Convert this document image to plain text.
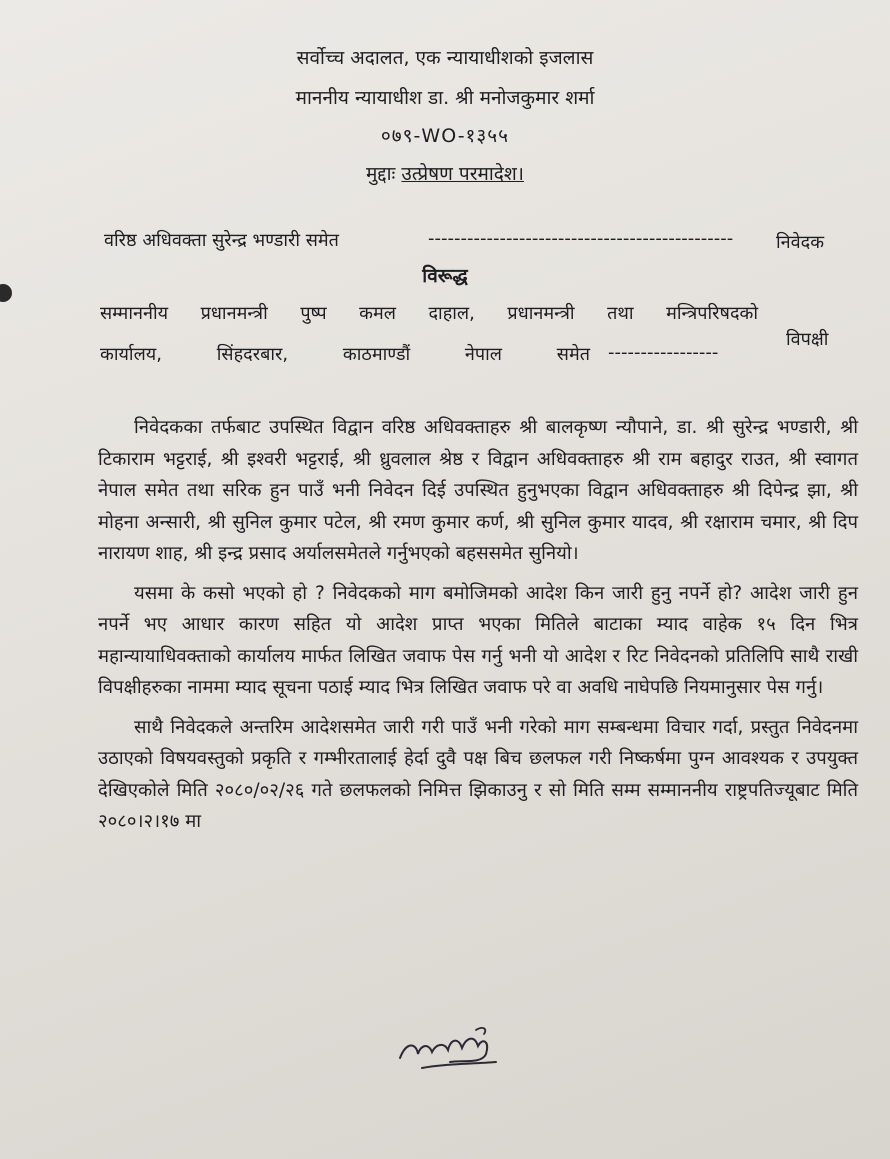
सर्वोच्च अदालत, एक न्यायाधीशको इजलास
माननीय न्यायाधीश डा. श्री मनोजकुमार शर्मा
०७९-WO-१३५५
मुद्दाः उत्प्रेषण परमादेश।
वरिष्ठ अधिवक्ता सुरेन्द्र भण्डारी समेत	----------------------------------------------- निवेदक
विरूद्ध
सम्माननीय प्रधानमन्त्री पुष्प कमल दाहाल, प्रधानमन्त्री तथा मन्त्रिपरिषदको
कार्यालय, सिंहदरबार, काठमाण्डौं नेपाल समेत -----------------
विपक्षी

निवेदकका तर्फबाट उपस्थित विद्वान वरिष्ठ अधिवक्ताहरु श्री बालकृष्ण न्यौपाने, डा. श्री सुरेन्द्र भण्डारी, श्री टिकाराम भट्टराई, श्री इश्वरी भट्टराई, श्री ध्रुवलाल श्रेष्ठ र विद्वान अधिवक्ताहरु श्री राम बहादुर राउत, श्री स्वागत नेपाल समेत तथा सरिक हुन पाउँ भनी निवेदन दिई उपस्थित हुनुभएका विद्वान अधिवक्ताहरु श्री दिपेन्द्र झा, श्री मोहना अन्सारी, श्री सुनिल कुमार पटेल, श्री रमण कुमार कर्ण, श्री सुनिल कुमार यादव, श्री रक्षाराम चमार, श्री दिप नारायण शाह, श्री इन्द्र प्रसाद अर्यालसमेतले गर्नुभएको बहससमेत सुनियो।

यसमा के कसो भएको हो ? निवेदकको माग बमोजिमको आदेश किन जारी हुनु नपर्ने हो? आदेश जारी हुन नपर्ने भए आधार कारण सहित यो आदेश प्राप्त भएका मितिले बाटाका म्याद वाहेक १५ दिन भित्र महान्यायाधिवक्ताको कार्यालय मार्फत लिखित जवाफ पेस गर्नु भनी यो आदेश र रिट निवेदनको प्रतिलिपि साथै राखी विपक्षीहरुका नाममा म्याद सूचना पठाई म्याद भित्र लिखित जवाफ परे वा अवधि नाघेपछि नियमानुसार पेस गर्नु।

साथै निवेदकले अन्तरिम आदेशसमेत जारी गरी पाउँ भनी गरेको माग सम्बन्धमा विचार गर्दा, प्रस्तुत निवेदनमा उठाएको विषयवस्तुको प्रकृति र गम्भीरतालाई हेर्दा दुवै पक्ष बिच छलफल गरी निष्कर्षमा पुग्न आवश्यक र उपयुक्त देखिएकोले मिति २०८०/०२/२६ गते छलफलको निमित्त झिकाउनु र सो मिति सम्म सम्माननीय राष्ट्रपतिज्यूबाट मिति २०८०।२।१७ मा
